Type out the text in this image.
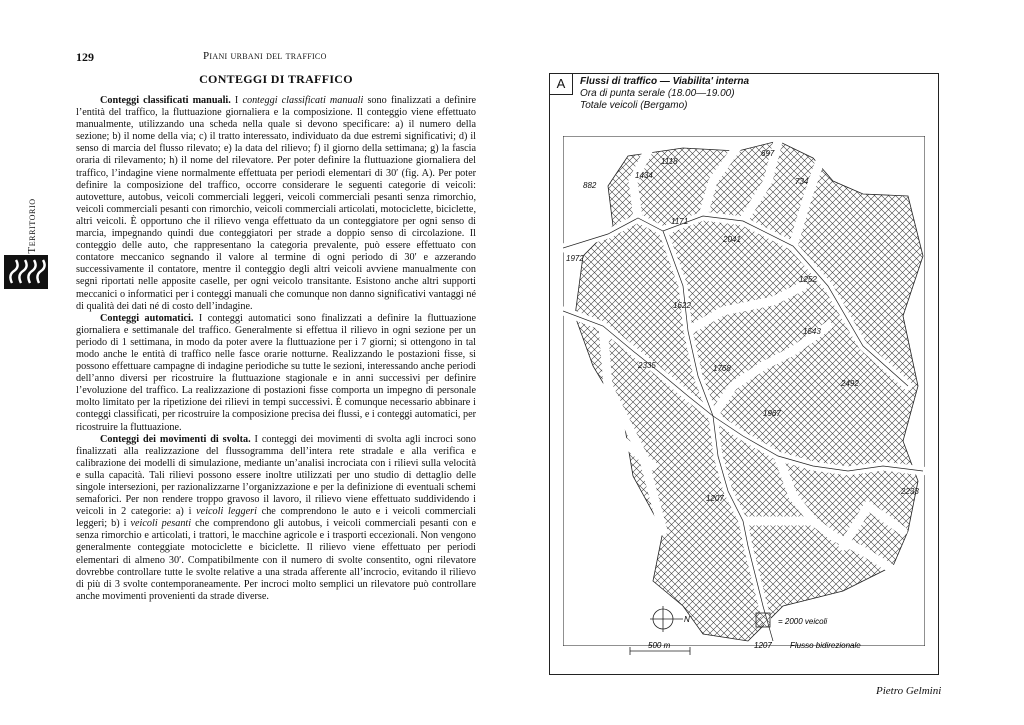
129	Piani urbani del traffico
Territorio
CONTEGGI DI TRAFFICO

Conteggi classificati manuali. I conteggi classificati manuali sono finalizzati a definire l’entità del traffico, la fluttuazione giornaliera e la composizione. Il conteggio viene effettuato manualmente, utilizzando una scheda nella quale si devono specificare: a) il numero della sezione; b) il nome della via; c) il tratto interessato, individuato da due estremi significativi; d) il senso di marcia del flusso rilevato; e) la data del rilievo; f) il giorno della settimana; g) la fascia oraria di rilevamento; h) il nome del rilevatore. Per poter definire la fluttuazione giornaliera del traffico, l’indagine viene normalmente effettuata per periodi elementari di 30′ (fig. A). Per poter definire la composizione del traffico, occorre considerare le seguenti categorie di veicoli: autovetture, autobus, veicoli commerciali leggeri, veicoli commerciali pesanti senza rimorchio, veicoli commerciali pesanti con rimorchio, veicoli commerciali articolati, motociclette, biciclette, altri veicoli. È opportuno che il rilievo venga effettuato da un conteggiatore per ogni senso di marcia, impegnando quindi due conteggiatori per strade a doppio senso di circolazione. Il conteggio delle auto, che rappresentano la categoria prevalente, può essere effettuato con contatore meccanico segnando il valore al termine di ogni periodo di 30′ e azzerando successivamente il contatore, mentre il conteggio degli altri veicoli avviene manualmente con segni riportati nelle apposite caselle, per ogni veicolo transitante. Esistono anche altri supporti meccanici o informatici per i conteggi manuali che comunque non danno significativi vantaggi né di qualità dei dati né di costo dell’indagine.

Conteggi automatici. I conteggi automatici sono finalizzati a definire la fluttuazione giornaliera e settimanale del traffico. Generalmente si effettua il rilievo in ogni sezione per un periodo di 1 settimana, in modo da poter avere la fluttuazione per i 7 giorni; si ottengono in tal modo anche le entità di traffico nelle fasce orarie notturne. Realizzando le postazioni fisse, si possono effettuare campagne di indagine periodiche su tutte le sezioni, interessando anche periodi dell’anno diversi per ricostruire la fluttuazione stagionale e in anni successivi per definire l’evoluzione del traffico. La realizzazione di postazioni fisse comporta un impegno di personale molto limitato per la ripetizione dei rilievi in tempi successivi. È comunque necessario abbinare i conteggi classificati, per ricostruire la composizione precisa dei flussi, e i conteggi automatici, per ricostruire la fluttuazione.

Conteggi dei movimenti di svolta. I conteggi dei movimenti di svolta agli incroci sono finalizzati alla realizzazione del flussogramma dell’intera rete stradale e alla verifica e calibrazione dei modelli di simulazione, mediante un’analisi incrociata con i rilievi sulla velocità e sulla capacità. Tali rilievi possono essere inoltre utilizzati per uno studio di dettaglio delle singole intersezioni, per razionalizzarne l’organizzazione e per la definizione di eventuali schemi semaforici. Per non rendere troppo gravoso il lavoro, il rilievo viene effettuato suddividendo i veicoli in 2 categorie: a) i veicoli leggeri che comprendono le auto e i veicoli commerciali leggeri; b) i veicoli pesanti che comprendono gli autobus, i veicoli commerciali pesanti con e senza rimorchio e articolati, i trattori, le macchine agricole e i trasporti eccezionali. Non vengono generalmente conteggiate motociclette e biciclette. Il rilievo viene effettuato per periodi elementari di almeno 30′. Compatibilmente con il numero di svolte consentito, ogni rilevatore dovrebbe controllare tutte le svolte relative a una strada afferente all’incrocio, evitando il rilievo di più di 3 svolte contemporaneamente. Per incroci molto semplici un rilevatore può controllare anche movimenti provenienti da strade diverse.

A	Flussi di traffico — Viabilita' interna
Ora di punta serale (18.00—19.00)
Totale veicoli (Bergamo)
1118
697
1434
734
882
1171
2041
1972
1252
1622
1543
2335	1768
2492
1967
1207
2233
N
500 m
= 2000 veicoli
1207 Flusso bidirezionale
Pietro Gelmini
